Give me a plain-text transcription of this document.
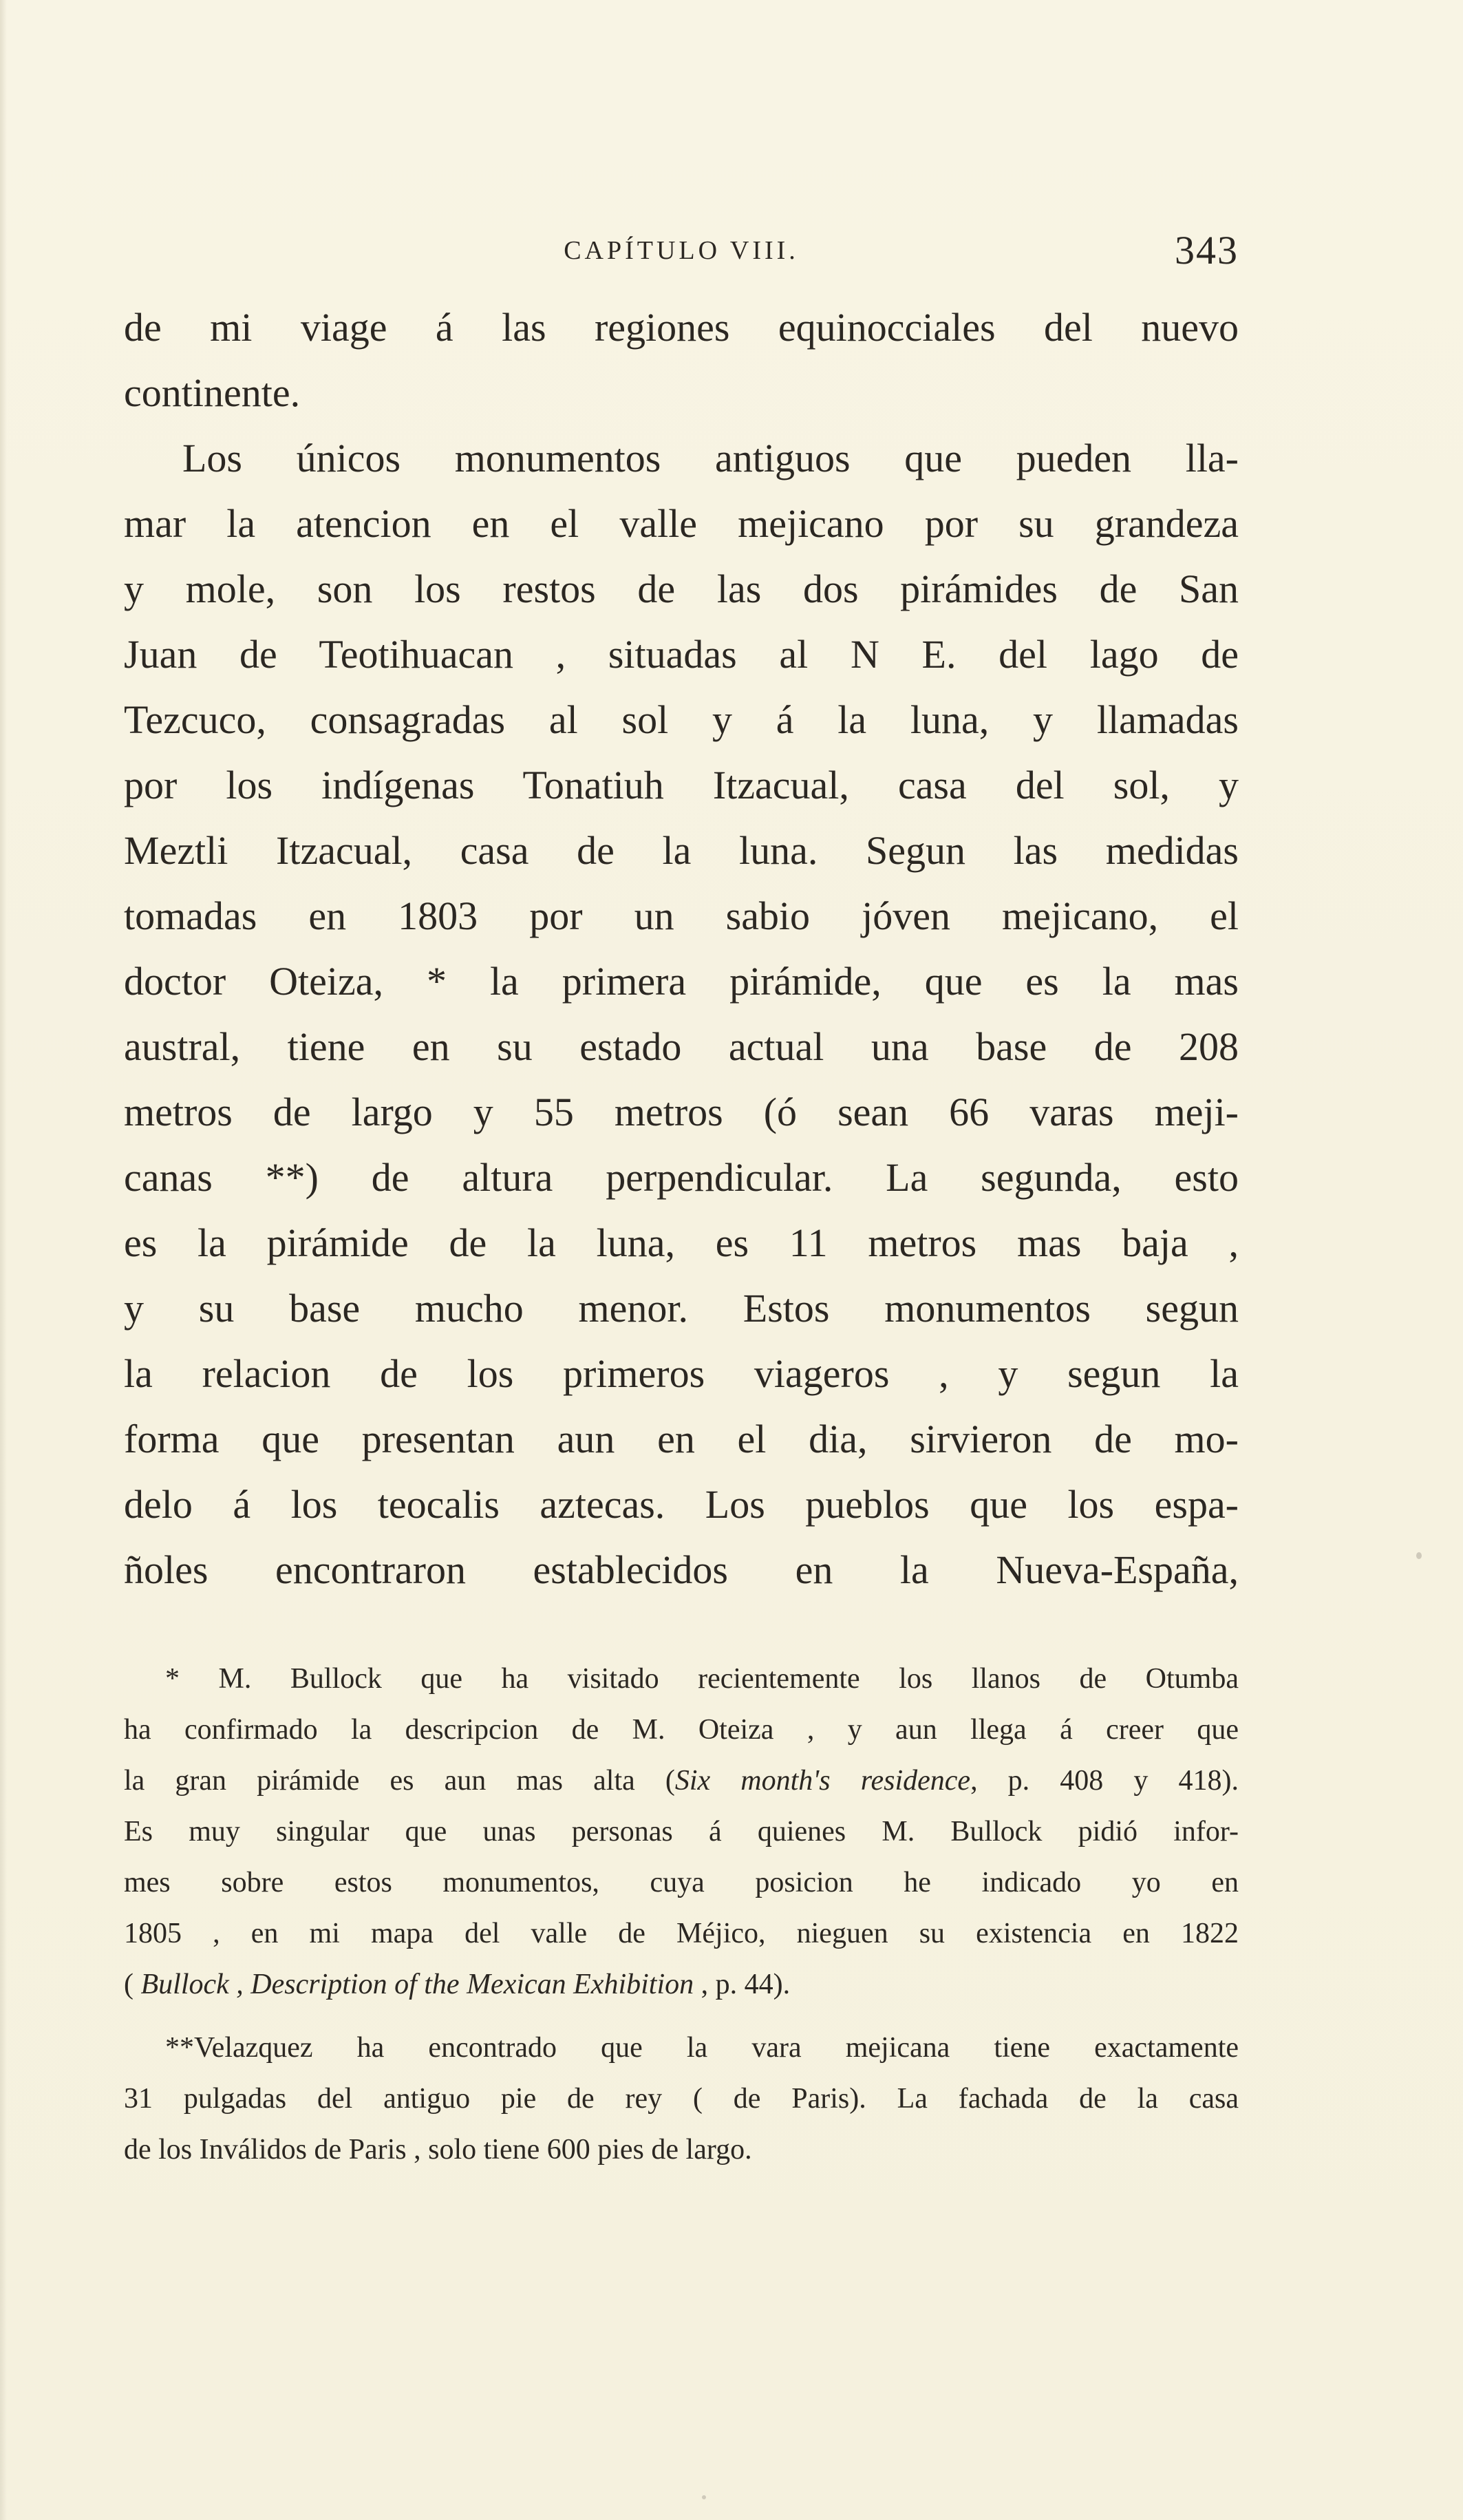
CAPÍTULO VIII.	343
de mi viage á las regiones equinocciales del nuevo
continente.
Los únicos monumentos antiguos que pueden lla-
mar la atencion en el valle mejicano por su grandeza
y mole, son los restos de las dos pirámides de San
Juan de Teotihuacan , situadas al N E. del lago de
Tezcuco, consagradas al sol y á la luna, y llamadas
por los indígenas Tonatiuh Itzacual, casa del sol, y
Meztli Itzacual, casa de la luna. Segun las medidas
tomadas en 1803 por un sabio jóven mejicano, el
doctor Oteiza, * la primera pirámide, que es la mas
austral, tiene en su estado actual una base de 208
metros de largo y 55 metros (ó sean 66 varas meji-
canas **) de altura perpendicular. La segunda, esto
es la pirámide de la luna, es 11 metros mas baja ,
y su base mucho menor. Estos monumentos segun
la relacion de los primeros viageros , y segun la
forma que presentan aun en el dia, sirvieron de mo-
delo á los teocalis aztecas. Los pueblos que los espa-
ñoles encontraron establecidos en la Nueva-España,
* M. Bullock que ha visitado recientemente los llanos de Otumba
ha confirmado la descripcion de M. Oteiza , y aun llega á creer que
la gran pirámide es aun mas alta (Six month's residence, p. 408 y 418).
Es muy singular que unas personas á quienes M. Bullock pidió infor-
mes sobre estos monumentos, cuya posicion he indicado yo en
1805 , en mi mapa del valle de Méjico, nieguen su existencia en 1822
( Bullock , Description of the Mexican Exhibition , p. 44).
**Velazquez ha encontrado que la vara mejicana tiene exactamente
31 pulgadas del antiguo pie de rey ( de Paris). La fachada de la casa
de los Inválidos de Paris , solo tiene 600 pies de largo.
